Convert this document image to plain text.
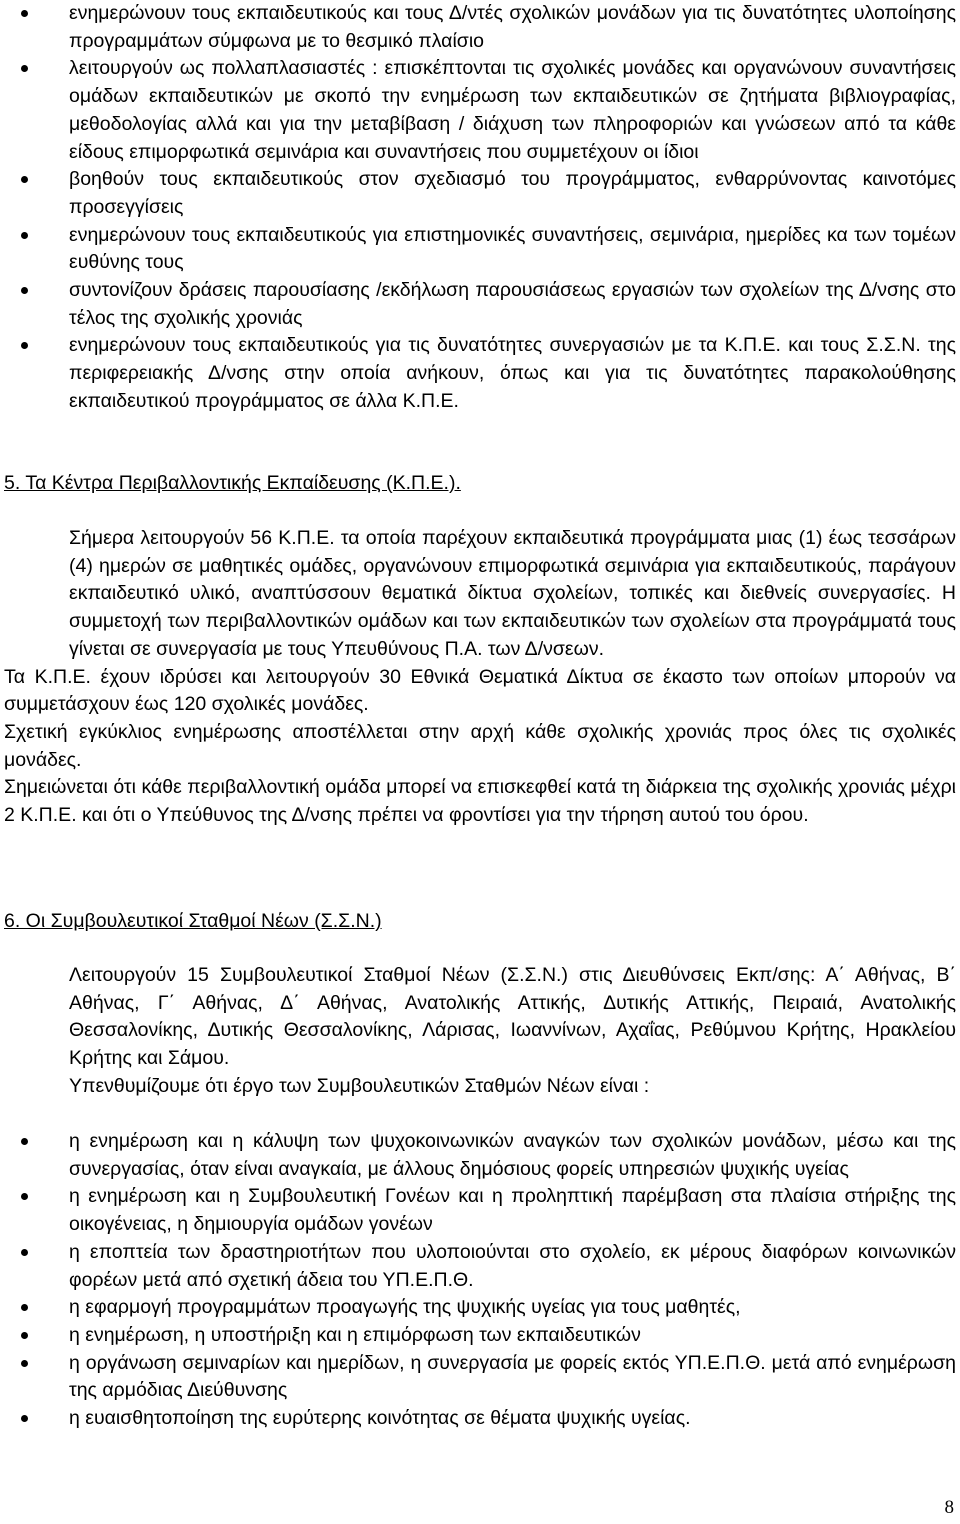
ενημερώνουν τους εκπαιδευτικούς και τους Δ/ντές σχολικών μονάδων για τις δυνατότητες υλοποίησης προγραμμάτων σύμφωνα με το θεσμικό πλαίσιο
λειτουργούν ως πολλαπλασιαστές : επισκέπτονται τις σχολικές μονάδες και οργανώνουν συναντήσεις ομάδων εκπαιδευτικών με σκοπό την ενημέρωση των εκπαιδευτικών σε ζητήματα βιβλιογραφίας, μεθοδολογίας αλλά και για την μεταβίβαση / διάχυση των πληροφοριών και γνώσεων από τα κάθε είδους επιμορφωτικά σεμινάρια και συναντήσεις που συμμετέχουν οι ίδιοι
βοηθούν τους εκπαιδευτικούς στον σχεδιασμό του προγράμματος, ενθαρρύνοντας καινοτόμες προσεγγίσεις
ενημερώνουν τους εκπαιδευτικούς για επιστημονικές συναντήσεις, σεμινάρια, ημερίδες κα των τομέων ευθύνης τους
συντονίζουν δράσεις παρουσίασης /εκδήλωση παρουσιάσεως εργασιών των σχολείων της Δ/νσης στο τέλος της σχολικής χρονιάς
ενημερώνουν τους εκπαιδευτικούς για τις δυνατότητες συνεργασιών με τα Κ.Π.Ε. και τους Σ.Σ.Ν. της περιφερειακής Δ/νσης στην οποία ανήκουν, όπως και για τις δυνατότητες παρακολούθησης εκπαιδευτικού προγράμματος σε άλλα Κ.Π.Ε.
5. Τα Κέντρα Περιβαλλοντικής Εκπαίδευσης (Κ.Π.Ε.).
Σήμερα λειτουργούν 56 Κ.Π.Ε. τα οποία παρέχουν εκπαιδευτικά προγράμματα μιας (1) έως τεσσάρων (4) ημερών σε μαθητικές ομάδες, οργανώνουν επιμορφωτικά σεμινάρια για εκπαιδευτικούς, παράγουν εκπαιδευτικό υλικό, αναπτύσσουν θεματικά δίκτυα σχολείων, τοπικές και διεθνείς συνεργασίες. Η συμμετοχή των περιβαλλοντικών ομάδων και των εκπαιδευτικών των σχολείων στα προγράμματά τους γίνεται σε συνεργασία με τους Υπευθύνους Π.Α. των Δ/νσεων.
Τα Κ.Π.Ε. έχουν ιδρύσει και λειτουργούν 30 Εθνικά Θεματικά Δίκτυα σε έκαστο των οποίων μπορούν να συμμετάσχουν έως 120 σχολικές μονάδες.
Σχετική εγκύκλιος ενημέρωσης αποστέλλεται στην αρχή κάθε σχολικής χρονιάς προς όλες τις σχολικές μονάδες.
Σημειώνεται ότι κάθε περιβαλλοντική ομάδα μπορεί να επισκεφθεί κατά τη διάρκεια της σχολικής χρονιάς μέχρι 2 Κ.Π.Ε. και ότι ο Υπεύθυνος της Δ/νσης πρέπει να φροντίσει για την τήρηση αυτού του όρου.
6. Οι Συμβουλευτικοί Σταθμοί Νέων (Σ.Σ.Ν.)
Λειτουργούν 15 Συμβουλευτικοί Σταθμοί Νέων (Σ.Σ.Ν.) στις Διευθύνσεις Εκπ/σης: Α΄ Αθήνας, Β΄ Αθήνας, Γ΄ Αθήνας, Δ΄ Αθήνας, Ανατολικής Αττικής, Δυτικής Αττικής, Πειραιά, Ανατολικής Θεσσαλονίκης, Δυτικής Θεσσαλονίκης, Λάρισας, Ιωαννίνων, Αχαΐας, Ρεθύμνου Κρήτης, Ηρακλείου Κρήτης και Σάμου.
Υπενθυμίζουμε ότι έργο των Συμβουλευτικών Σταθμών Νέων είναι :
η ενημέρωση και η κάλυψη των ψυχοκοινωνικών αναγκών των σχολικών μονάδων, μέσω και της συνεργασίας, όταν είναι αναγκαία, με άλλους δημόσιους φορείς υπηρεσιών ψυχικής υγείας
η ενημέρωση και η Συμβουλευτική Γονέων και η προληπτική παρέμβαση στα πλαίσια στήριξης της οικογένειας, η δημιουργία ομάδων γονέων
η εποπτεία των δραστηριοτήτων που υλοποιούνται στο σχολείο, εκ μέρους διαφόρων κοινωνικών φορέων μετά από σχετική άδεια του ΥΠ.Ε.Π.Θ.
η εφαρμογή προγραμμάτων προαγωγής της ψυχικής υγείας για τους μαθητές,
η ενημέρωση, η υποστήριξη και η επιμόρφωση των εκπαιδευτικών
η οργάνωση σεμιναρίων και ημερίδων, η συνεργασία με φορείς εκτός ΥΠ.Ε.Π.Θ. μετά από ενημέρωση της αρμόδιας Διεύθυνσης
η ευαισθητοποίηση της ευρύτερης κοινότητας σε θέματα ψυχικής υγείας.
8
